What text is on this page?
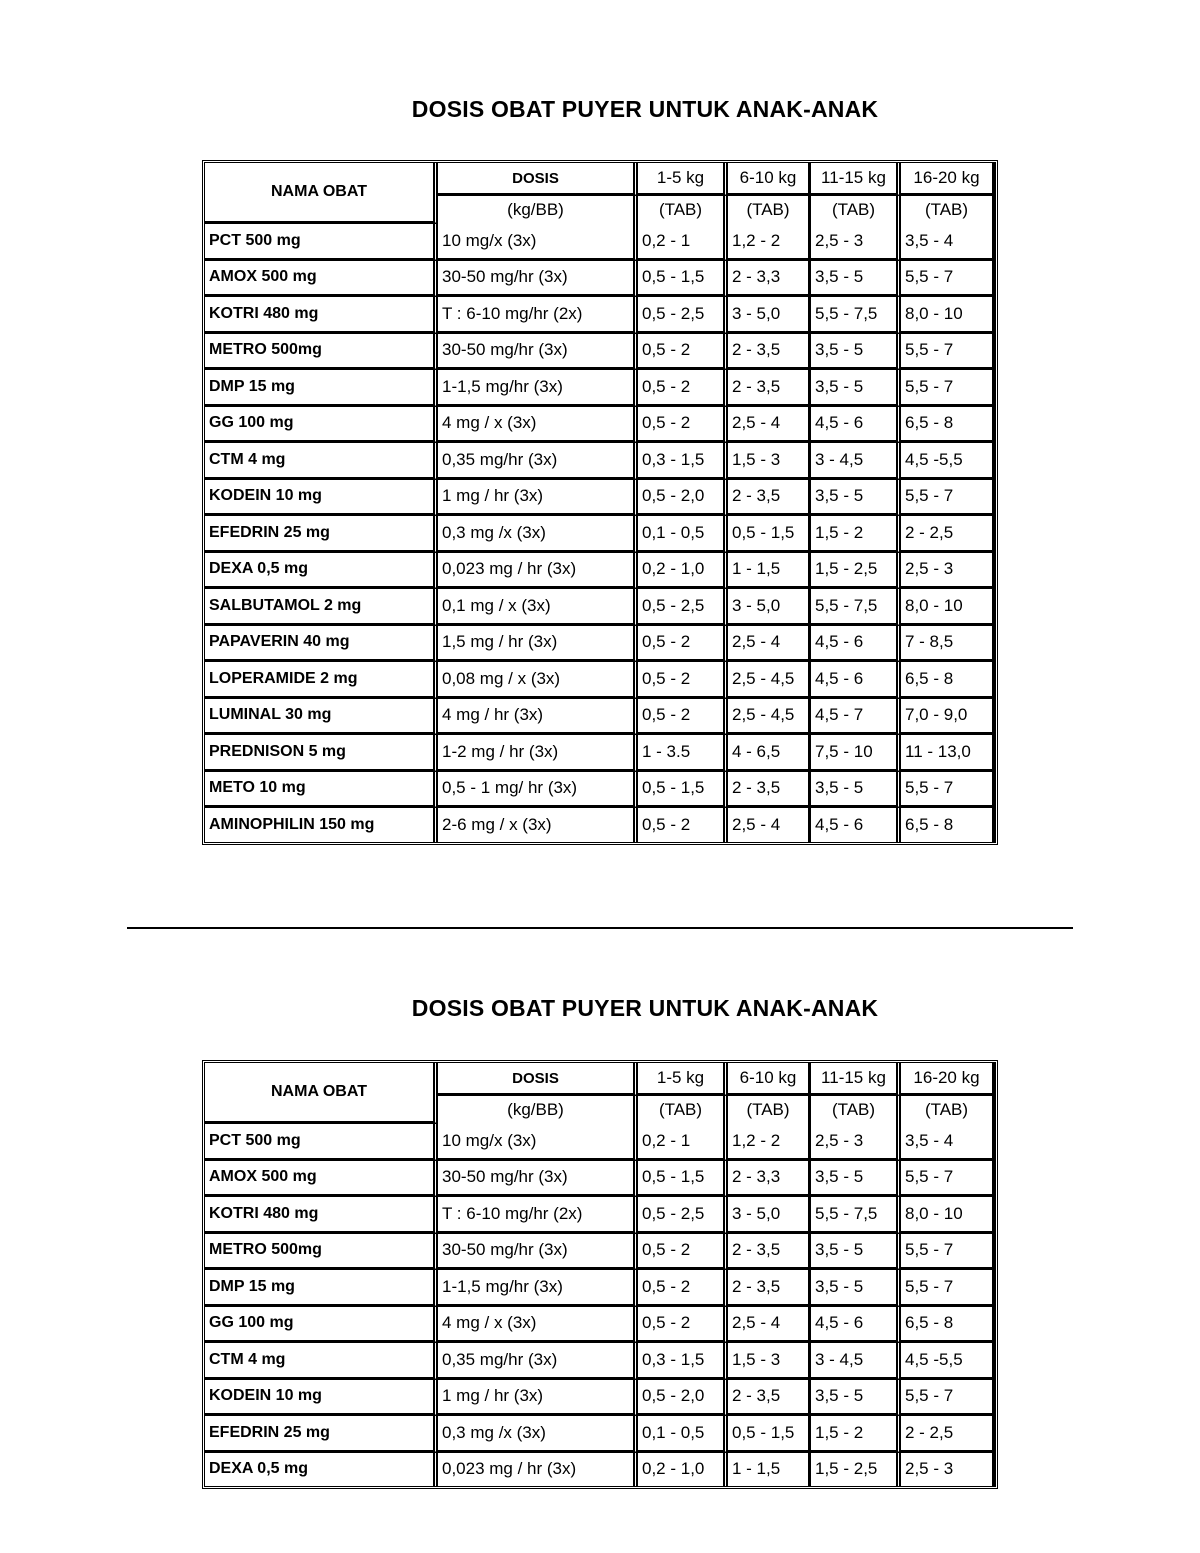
DOSIS OBAT PUYER UNTUK ANAK-ANAK
NAMA OBAT	DOSIS	1-5 kg	6-10 kg	11-15 kg	16-20 kg
	(kg/BB)	(TAB)	(TAB)	(TAB)	(TAB)
PCT 500 mg	10 mg/x (3x)	0,2 - 1	1,2 - 2	2,5 - 3	3,5 - 4
AMOX 500 mg	30-50 mg/hr (3x)	0,5 - 1,5	2 - 3,3	3,5 - 5	5,5 - 7
KOTRI 480 mg	T : 6-10 mg/hr (2x)	0,5 - 2,5	3 - 5,0	5,5 - 7,5	8,0 - 10
METRO 500mg	30-50 mg/hr (3x)	0,5 - 2	2 - 3,5	3,5 - 5	5,5 - 7
DMP 15 mg	1-1,5 mg/hr (3x)	0,5 - 2	2 - 3,5	3,5 - 5	5,5 - 7
GG 100 mg	4 mg / x (3x)	0,5 - 2	2,5 - 4	4,5 - 6	6,5 - 8
CTM 4 mg	0,35 mg/hr (3x)	0,3 - 1,5	1,5 - 3	3 - 4,5	4,5 -5,5
KODEIN 10 mg	1 mg / hr (3x)	0,5 - 2,0	2 - 3,5	3,5 - 5	5,5 - 7
EFEDRIN 25 mg	0,3 mg /x (3x)	0,1 - 0,5	0,5 - 1,5	1,5 - 2	2 - 2,5
DEXA 0,5 mg	0,023 mg / hr (3x)	0,2 - 1,0	1 - 1,5	1,5 - 2,5	2,5 - 3
SALBUTAMOL 2 mg	0,1 mg / x (3x)	0,5 - 2,5	3 - 5,0	5,5 - 7,5	8,0 - 10
PAPAVERIN 40 mg	1,5 mg / hr (3x)	0,5 - 2	2,5 - 4	4,5 - 6	7 - 8,5
LOPERAMIDE 2 mg	0,08 mg / x (3x)	0,5 - 2	2,5 - 4,5	4,5 - 6	6,5 - 8
LUMINAL 30 mg	4 mg / hr (3x)	0,5 - 2	2,5 - 4,5	4,5 - 7	7,0 - 9,0
PREDNISON 5 mg	1-2 mg / hr (3x)	1 - 3.5	4 - 6,5	7,5 - 10	11 - 13,0
METO 10 mg	0,5 - 1 mg/ hr (3x)	0,5 - 1,5	2 - 3,5	3,5 - 5	5,5 - 7
AMINOPHILIN 150 mg	2-6 mg / x (3x)	0,5 - 2	2,5 - 4	4,5 - 6	6,5 - 8
DOSIS OBAT PUYER UNTUK ANAK-ANAK
NAMA OBAT	DOSIS	1-5 kg	6-10 kg	11-15 kg	16-20 kg
	(kg/BB)	(TAB)	(TAB)	(TAB)	(TAB)
PCT 500 mg	10 mg/x (3x)	0,2 - 1	1,2 - 2	2,5 - 3	3,5 - 4
AMOX 500 mg	30-50 mg/hr (3x)	0,5 - 1,5	2 - 3,3	3,5 - 5	5,5 - 7
KOTRI 480 mg	T : 6-10 mg/hr (2x)	0,5 - 2,5	3 - 5,0	5,5 - 7,5	8,0 - 10
METRO 500mg	30-50 mg/hr (3x)	0,5 - 2	2 - 3,5	3,5 - 5	5,5 - 7
DMP 15 mg	1-1,5 mg/hr (3x)	0,5 - 2	2 - 3,5	3,5 - 5	5,5 - 7
GG 100 mg	4 mg / x (3x)	0,5 - 2	2,5 - 4	4,5 - 6	6,5 - 8
CTM 4 mg	0,35 mg/hr (3x)	0,3 - 1,5	1,5 - 3	3 - 4,5	4,5 -5,5
KODEIN 10 mg	1 mg / hr (3x)	0,5 - 2,0	2 - 3,5	3,5 - 5	5,5 - 7
EFEDRIN 25 mg	0,3 mg /x (3x)	0,1 - 0,5	0,5 - 1,5	1,5 - 2	2 - 2,5
DEXA 0,5 mg	0,023 mg / hr (3x)	0,2 - 1,0	1 - 1,5	1,5 - 2,5	2,5 - 3
